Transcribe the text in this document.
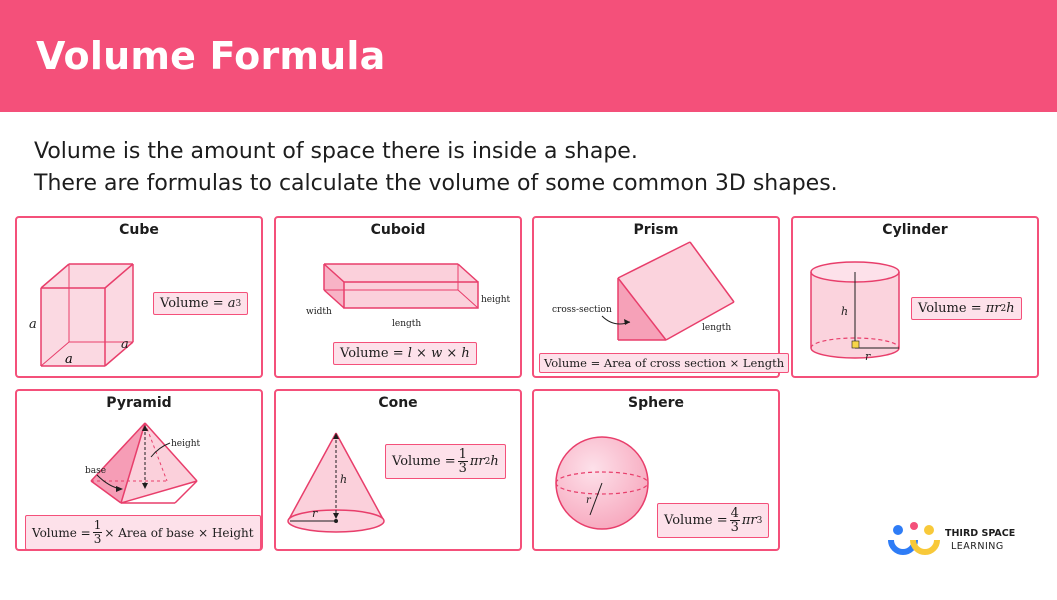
Volume Formula

Volume is the amount of space there is inside a shape.

There are formulas to calculate the volume of some common 3D shapes.

Cube
a
a
a
Volume =
a 3
Cuboid
width
length
height
Volume =
l × w × h
Prism
cross-section
length
Volume = Area of cross section × Length
Cylinder
h
r
Volume =
πr 2 h
Pyramid
height
base
Volume = $\frac{1}{3}$ × Area of base × Height
Cone
h
r
Volume = $\frac{1}{3}$ πr 2 h
Sphere
r
Volume = $\frac{4}{3}$ πr 3
THIRD SPACE
LEARNING
